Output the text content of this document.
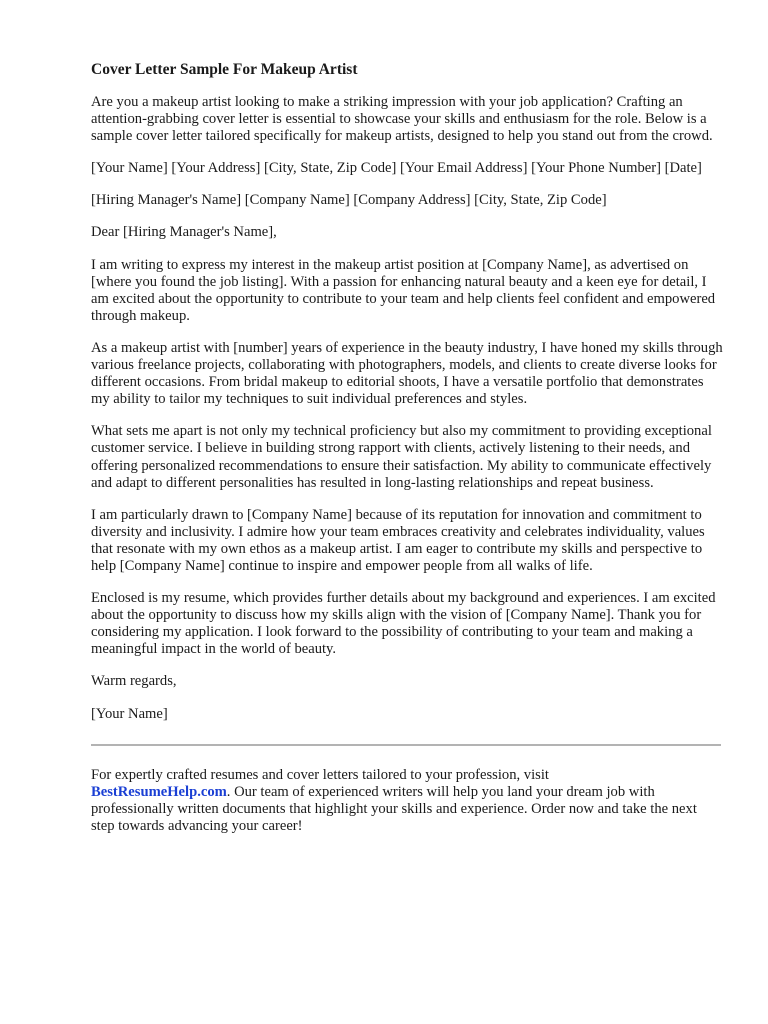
Cover Letter Sample For Makeup Artist

Are you a makeup artist looking to make a striking impression with your job application? Crafting an attention-grabbing cover letter is essential to showcase your skills and enthusiasm for the role. Below is a sample cover letter tailored specifically for makeup artists, designed to help you stand out from the crowd.

[Your Name] [Your Address] [City, State, Zip Code] [Your Email Address] [Your Phone Number] [Date]

[Hiring Manager's Name] [Company Name] [Company Address] [City, State, Zip Code]

Dear [Hiring Manager's Name],

I am writing to express my interest in the makeup artist position at [Company Name], as advertised on [where you found the job listing]. With a passion for enhancing natural beauty and a keen eye for detail, I am excited about the opportunity to contribute to your team and help clients feel confident and empowered through makeup.

As a makeup artist with [number] years of experience in the beauty industry, I have honed my skills through various freelance projects, collaborating with photographers, models, and clients to create diverse looks for different occasions. From bridal makeup to editorial shoots, I have a versatile portfolio that demonstrates my ability to tailor my techniques to suit individual preferences and styles.

What sets me apart is not only my technical proficiency but also my commitment to providing exceptional customer service. I believe in building strong rapport with clients, actively listening to their needs, and offering personalized recommendations to ensure their satisfaction. My ability to communicate effectively and adapt to different personalities has resulted in long-lasting relationships and repeat business.

I am particularly drawn to [Company Name] because of its reputation for innovation and commitment to diversity and inclusivity. I admire how your team embraces creativity and celebrates individuality, values that resonate with my own ethos as a makeup artist. I am eager to contribute my skills and perspective to help [Company Name] continue to inspire and empower people from all walks of life.

Enclosed is my resume, which provides further details about my background and experiences. I am excited about the opportunity to discuss how my skills align with the vision of [Company Name]. Thank you for considering my application. I look forward to the possibility of contributing to your team and making a meaningful impact in the world of beauty.

Warm regards,

[Your Name]

For expertly crafted resumes and cover letters tailored to your profession, visit
BestResumeHelp.com. Our team of experienced writers will help you land your dream job with professionally written documents that highlight your skills and experience. Order now and take the next step towards advancing your career!
